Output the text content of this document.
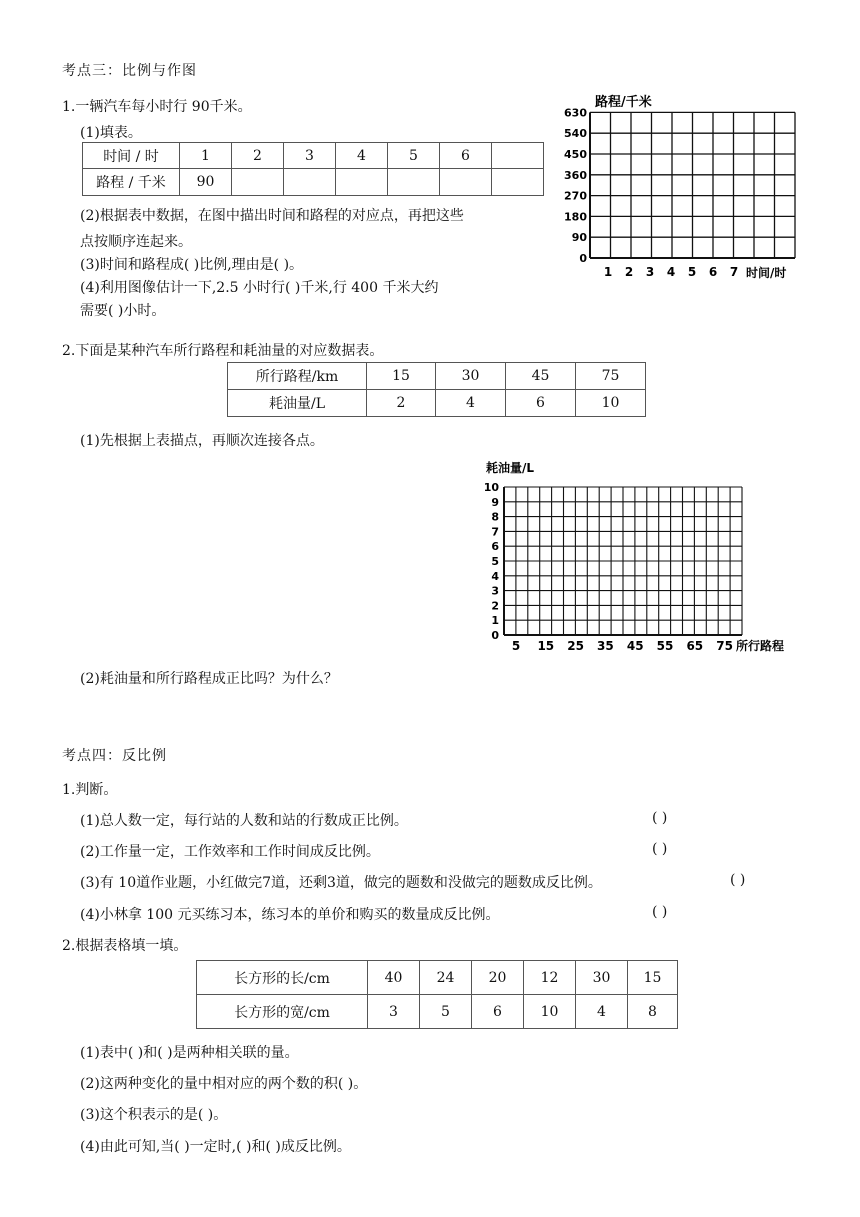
考点三：比例与作图
1.一辆汽车每小时行 90千米。
(1)填表。
时间 / 时	1	2	3	4	5	6	
路程 / 千米	90						
(2)根据表中数据，在图中描出时间和路程的对应点，再把这些
点按顺序连起来。
(3)时间和路程成( )比例,理由是( )。
(4)利用图像估计一下,2.5 小时行( )千米,行 400 千米大约
需要( )小时。
路程/千米
时间/时
0
90
180
270
360
450
540
630
1 2 3 4 5 6 7
2.下面是某种汽车所行路程和耗油量的对应数据表。
所行路程/km	15	30	45	75
耗油量/L	2	4	6	10
(1)先根据上表描点，再顺次连接各点。
耗油量/L
所行路程
0
1
2
3
4
5
6
7
8
9
10
5 15 25 35 45 55 65 75
(2)耗油量和所行路程成正比吗？为什么？
考点四：反比例
1.判断。
(1)总人数一定，每行站的人数和站的行数成正比例。	( )
(2)工作量一定，工作效率和工作时间成反比例。	( )
(3)有 10道作业题，小红做完7道，还剩3道，做完的题数和没做完的题数成反比例。	( )
(4)小林拿 100 元买练习本，练习本的单价和购买的数量成反比例。	( )
2.根据表格填一填。
长方形的长/cm	40	24	20	12	30	15
长方形的宽/cm	3	5	6	10	4	8
(1)表中( )和( )是两种相关联的量。
(2)这两种变化的量中相对应的两个数的积( )。
(3)这个积表示的是( )。
(4)由此可知,当( )一定时,( )和( )成反比例。
